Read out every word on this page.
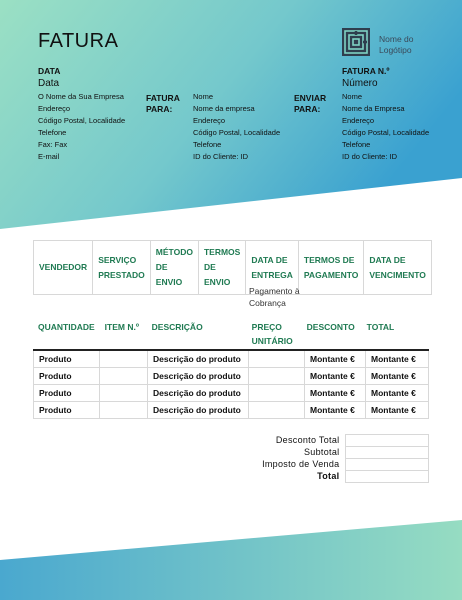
FATURA
DATA
Data
O Nome da Sua Empresa
Endereço
Código Postal, Localidade
Telefone
Fax: Fax
E-mail
FATURA
PARA:
Nome
Nome da empresa
Endereço
Código Postal, Localidade
Telefone
ID do Cliente: ID
ENVIAR
PARA:
Nome
Nome da Empresa
Endereço
Código Postal, Localidade
Telefone
ID do Cliente: ID
Nome do Logótipo
FATURA N.º
Número
VENDEDOR	SERVIÇO PRESTADO	MÉTODO DE ENVIO	TERMOS DE ENVIO	DATA DE ENTREGA	TERMOS DE PAGAMENTO	DATA DE VENCIMENTO
Pagamento à Cobrança
QUANTIDADE	ITEM N.º	DESCRIÇÃO	PREÇO UNITÁRIO	DESCONTO	TOTAL
Produto		Descrição do produto		Montante €	Montante €
Produto		Descrição do produto		Montante €	Montante €
Produto		Descrição do produto		Montante €	Montante €
Produto		Descrição do produto		Montante €	Montante €
Desconto Total	
Subtotal	
Imposto de Venda	
Total	
